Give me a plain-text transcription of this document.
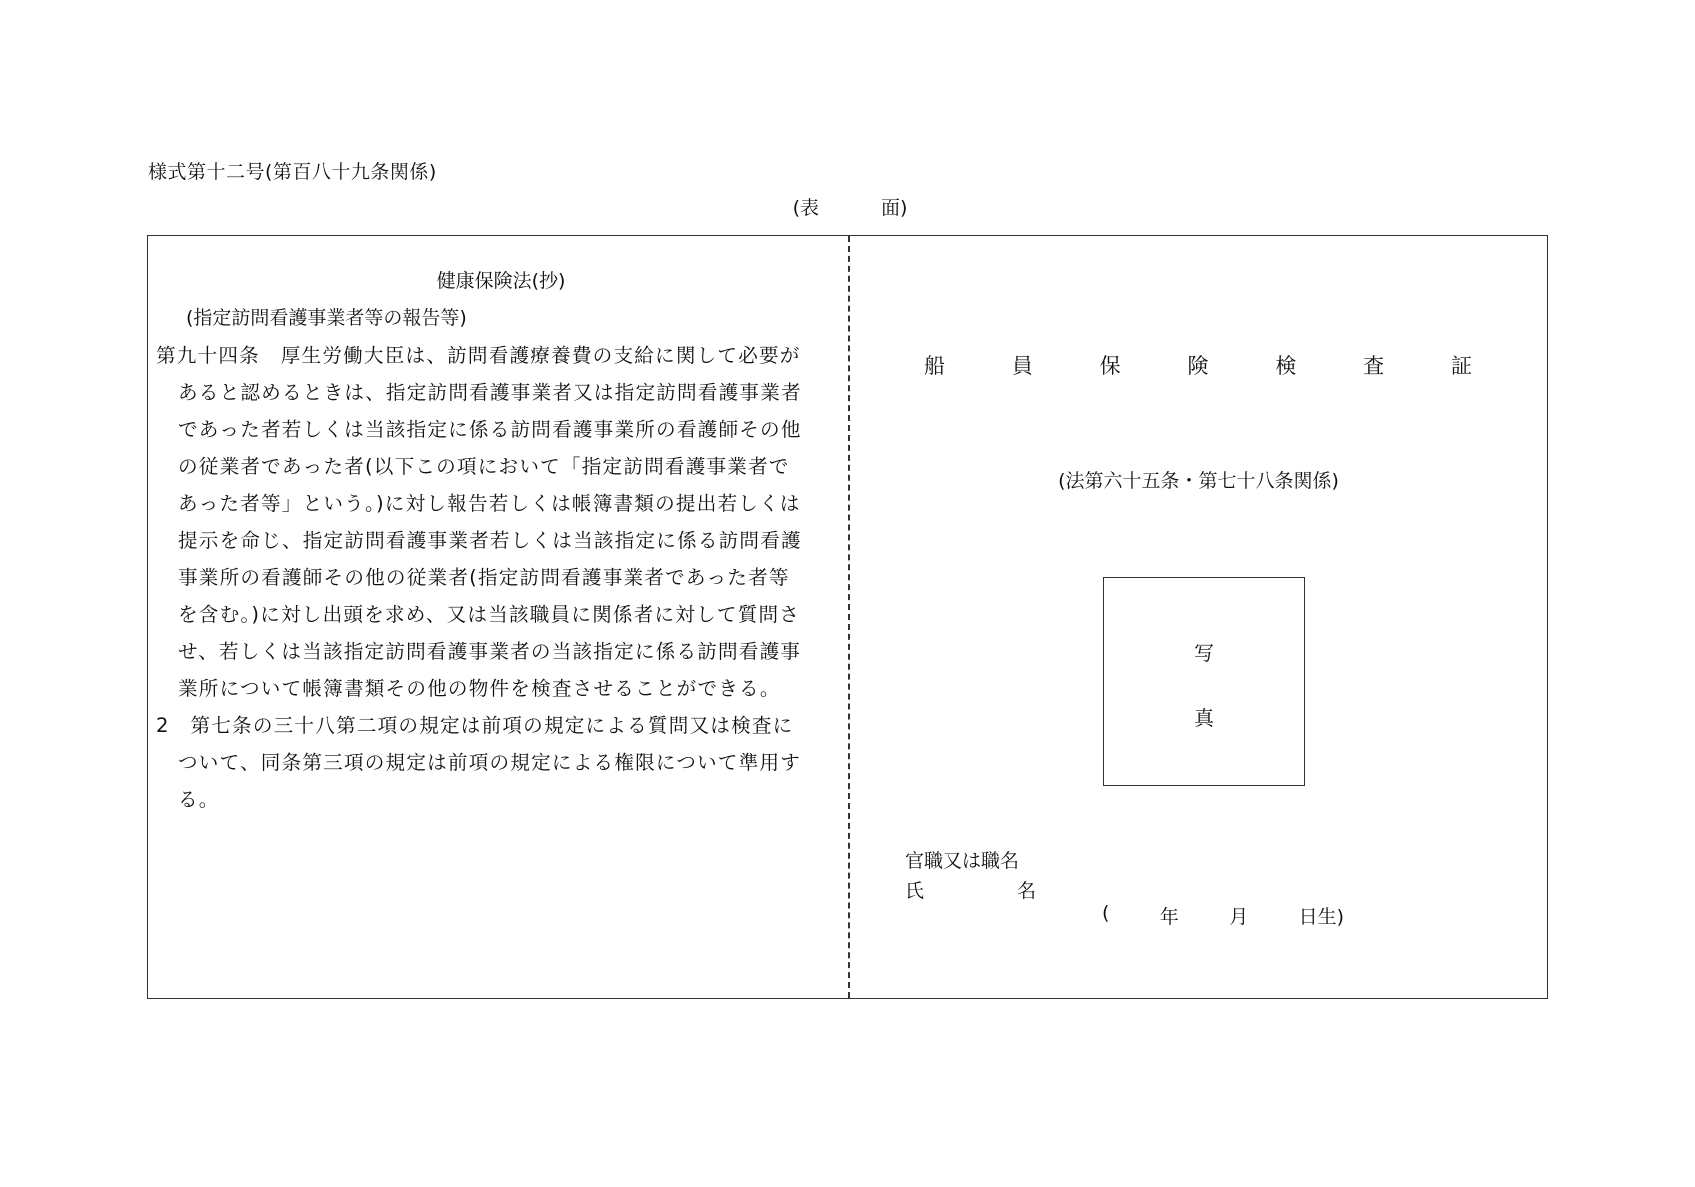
様式第十二号(第百八十九条関係)
(表	面)
健康保険法(抄)
(指定訪問看護事業者等の報告等)
第九十四条　厚生労働大臣は、訪問看護療養費の支給に関して必要が
あると認めるときは、指定訪問看護事業者又は指定訪問看護事業者
であった者若しくは当該指定に係る訪問看護事業所の看護師その他
の従業者であった者(以下この項において「指定訪問看護事業者で
あった者等」という。)に対し報告若しくは帳簿書類の提出若しくは
提示を命じ、指定訪問看護事業者若しくは当該指定に係る訪問看護
事業所の看護師その他の従業者(指定訪問看護事業者であった者等
を含む。)に対し出頭を求め、又は当該職員に関係者に対して質問さ
せ、若しくは当該指定訪問看護事業者の当該指定に係る訪問看護事
業所について帳簿書類その他の物件を検査させることができる。
2　第七条の三十八第二項の規定は前項の規定による質問又は検査に
ついて、同条第三項の規定は前項の規定による権限について準用す
る。
船	員	保	険	検	査	証
(法第六十五条・第七十八条関係)
写
真
官職又は職名
氏	名
(	年	月	日生)
